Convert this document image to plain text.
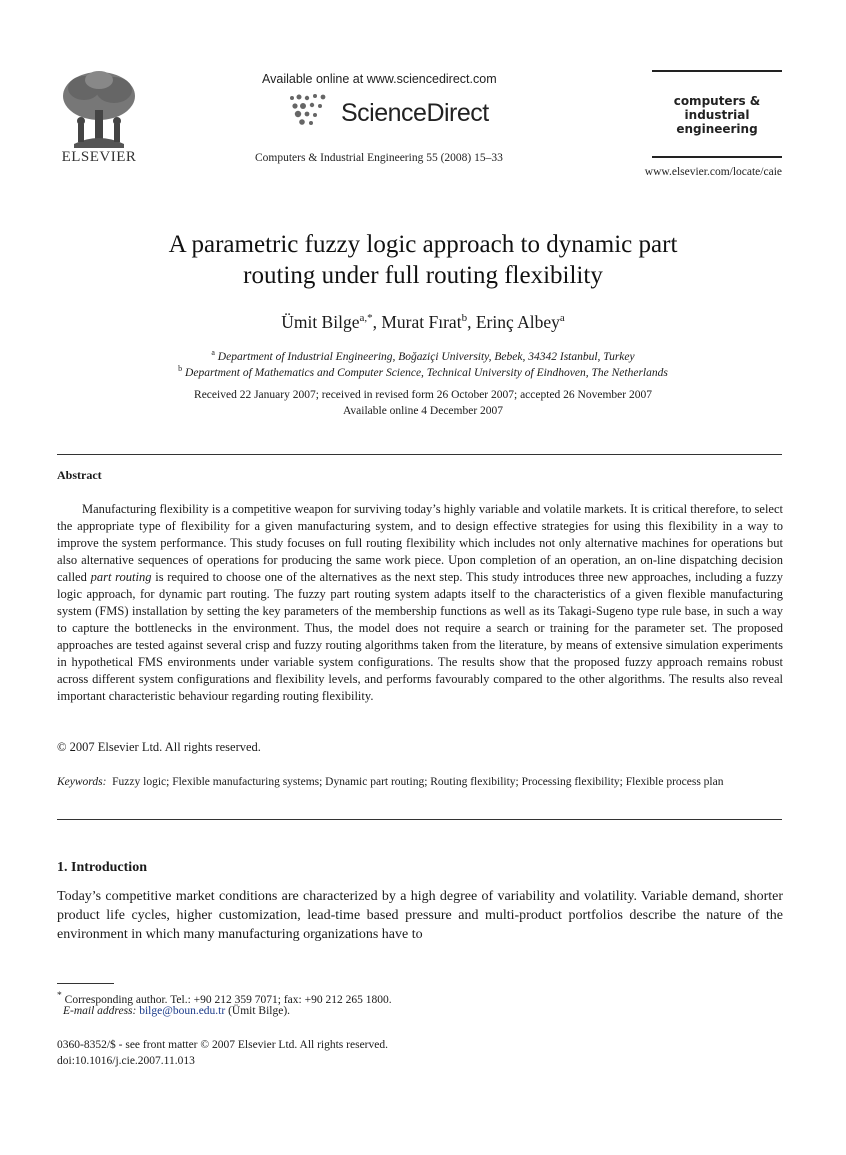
ELSEVIER
Available online at www.sciencedirect.com
ScienceDirect
Computers & Industrial Engineering 55 (2008) 15–33
computers &
industrial
engineering
www.elsevier.com/locate/caie
A parametric fuzzy logic approach to dynamic part
routing under full routing flexibility
Ümit Bilge$^{a,*}$, Murat Fırat$^b$, Erinç Albey$^a$
$^a$ Department of Industrial Engineering, Boğaziçi University, Bebek, 34342 Istanbul, Turkey
$^b$ Department of Mathematics and Computer Science, Technical University of Eindhoven, The Netherlands
Received 22 January 2007; received in revised form 26 October 2007; accepted 26 November 2007
Available online 4 December 2007
Abstract
Manufacturing flexibility is a competitive weapon for surviving today’s highly variable and volatile markets. It is critical therefore, to select the appropriate type of flexibility for a given manufacturing system, and to design effective strategies for using this flexibility in a way to improve the system performance. This study focuses on full routing flexibility which includes not only alternative machines for operations but also alternative sequences of operations for producing the same work piece. Upon completion of an operation, an on-line dispatching decision called part routing is required to choose one of the alternatives as the next step. This study introduces three new approaches, including a fuzzy logic approach, for dynamic part routing. The fuzzy part routing system adapts itself to the characteristics of a given flexible manufacturing system (FMS) installation by setting the key parameters of the membership functions as well as its Takagi-Sugeno type rule base, in such a way to capture the bottlenecks in the environment. Thus, the model does not require a search or training for the parameter set. The proposed approaches are tested against several crisp and fuzzy routing algorithms taken from the literature, by means of extensive simulation experiments in hypothetical FMS environments under variable system configurations. The results show that the proposed fuzzy approach remains robust across different system configurations and flexibility levels, and performs favourably compared to the other algorithms. The results also reveal important characteristic behaviour regarding routing flexibility.
© 2007 Elsevier Ltd. All rights reserved.
Keywords: Fuzzy logic; Flexible manufacturing systems; Dynamic part routing; Routing flexibility; Processing flexibility; Flexible process plan
1. Introduction
Today’s competitive market conditions are characterized by a high degree of variability and volatility. Variable demand, shorter product life cycles, higher customization, lead-time based pressure and multi-product portfolios describe the nature of the environment in which many manufacturing organizations have to
* Corresponding author. Tel.: +90 212 359 7071; fax: +90 212 265 1800.
E-mail address: bilge@boun.edu.tr (Ümit Bilge).
0360-8352/$ - see front matter © 2007 Elsevier Ltd. All rights reserved.
doi:10.1016/j.cie.2007.11.013
